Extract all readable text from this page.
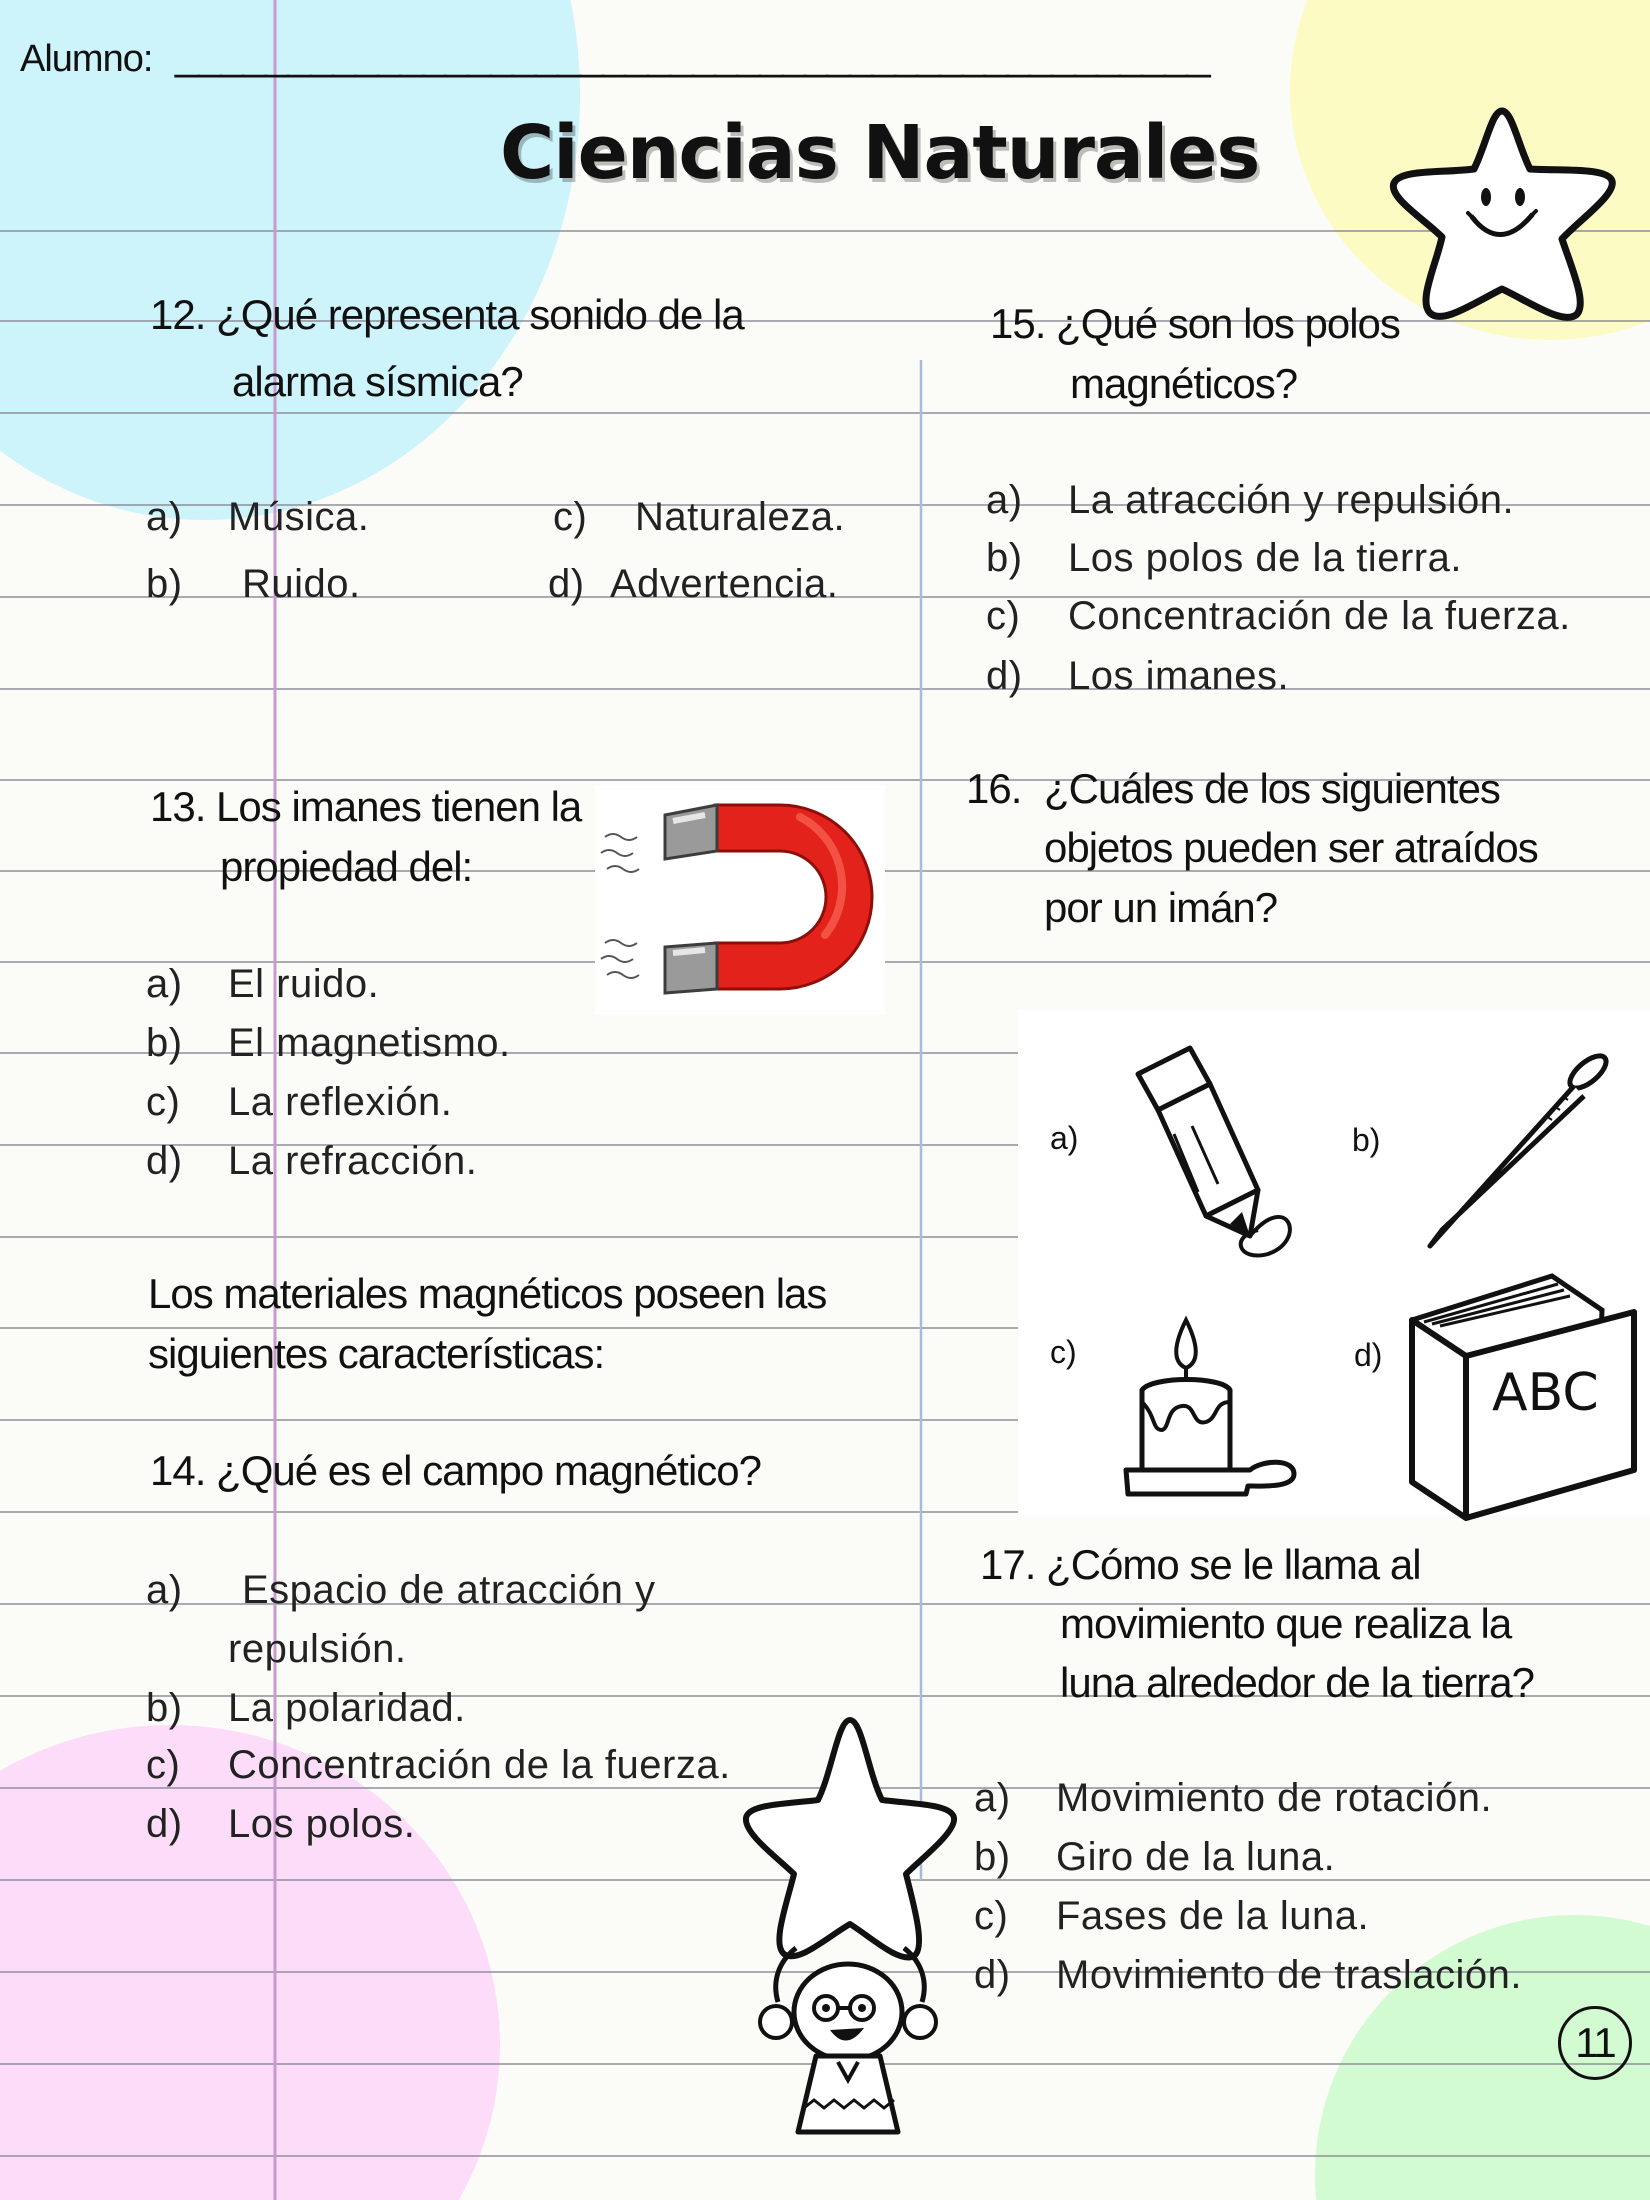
Alumno: ______________________________________________
Ciencias Naturales
12. ¿Qué representa sonido de la
alarma sísmica?
a) Música.
b) Ruido.
c) Naturaleza.
d) Advertencia.
13. Los imanes tienen la
propiedad del:
a) El ruido.
b) El magnetismo.
c) La reflexión.
d) La refracción.
Los materiales magnéticos poseen las
siguientes características:
14. ¿Qué es el campo magnético?
a) Espacio de atracción y
repulsión.
b) La polaridad.
c) Concentración de la fuerza.
d) Los polos.
15. ¿Qué son los polos
magnéticos?
a) La atracción y repulsión.
b) Los polos de la tierra.
c) Concentración de la fuerza.
d) Los imanes.
16. ¿Cuáles de los siguientes
objetos pueden ser atraídos
por un imán?
a)	b)
c)	d)
ABC
17. ¿Cómo se le llama al
movimiento que realiza la
luna alrededor de la tierra?
a) Movimiento de rotación.
b) Giro de la luna.
c) Fases de la luna.
d) Movimiento de traslación.
11
